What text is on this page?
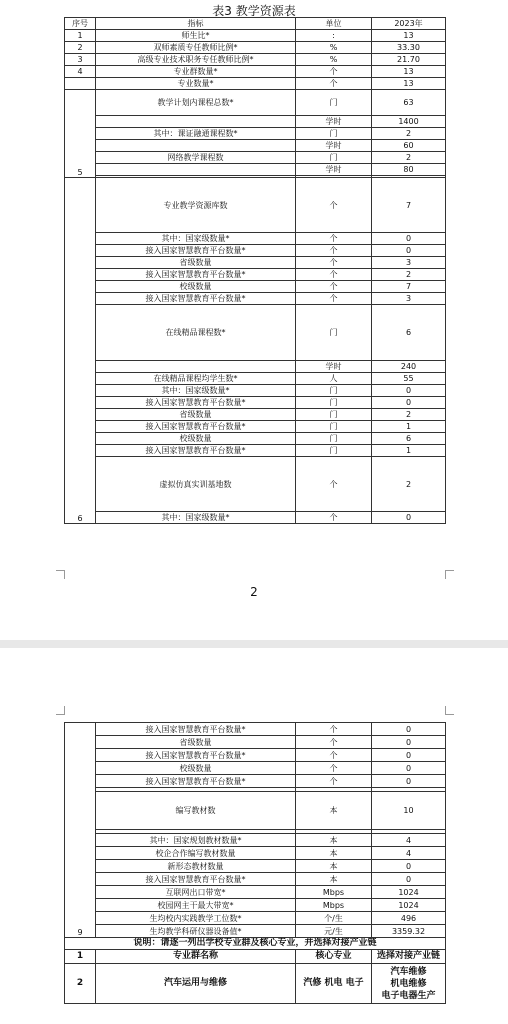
表3 教学资源表
序号	指标	单位	2023年
1	师生比*	:	13
2	双师素质专任教师比例*	%	33.30
3	高级专业技术职务专任教师比例*	%	21.70
4	专业群数量*	个	13
	专业数量*	个	13
5	教学计划内课程总数*	门	63
		学时	1400
	其中：课证融通课程数*	门	2
		学时	60
	网络教学课程数	门	2
		学时	80

6	专业教学资源库数	个	7
	其中：国家级数量*	个	0
	接入国家智慧教育平台数量*	个	0
	省级数量	个	3
	接入国家智慧教育平台数量*	个	2
	校级数量	个	7
	接入国家智慧教育平台数量*	个	3
	在线精品课程数*	门	6
		学时	240
	在线精品课程均学生数*	人	55
	其中：国家级数量*	门	0
	接入国家智慧教育平台数量*	门	0
	省级数量	门	2
	接入国家智慧教育平台数量*	门	1
	校级数量	门	6
	接入国家智慧教育平台数量*	门	1
	虚拟仿真实训基地数	个	2
	其中：国家级数量*	个	0
2
9	接入国家智慧教育平台数量*	个	0
	省级数量	个	0
	接入国家智慧教育平台数量*	个	0
	校级数量	个	0
	接入国家智慧教育平台数量*	个	0

	编写教材数	本	10

	其中：国家规划教材数量*	本	4
	校企合作编写教材数量	本	4
	新形态教材数量	本	0
	接入国家智慧教育平台数量*	本	0
	互联网出口带宽*	Mbps	1024
	校园网主干最大带宽*	Mbps	1024
	生均校内实践教学工位数*	个/生	496
	生均教学科研仪器设备值*	元/生	3359.32
说明：请逐一列出学校专业群及核心专业，并选择对接产业链			
1	专业群名称	核心专业	选择对接产业链
2	汽车运用与维修	汽修 机电 电子	汽车维修
机电维修
电子电器生产
